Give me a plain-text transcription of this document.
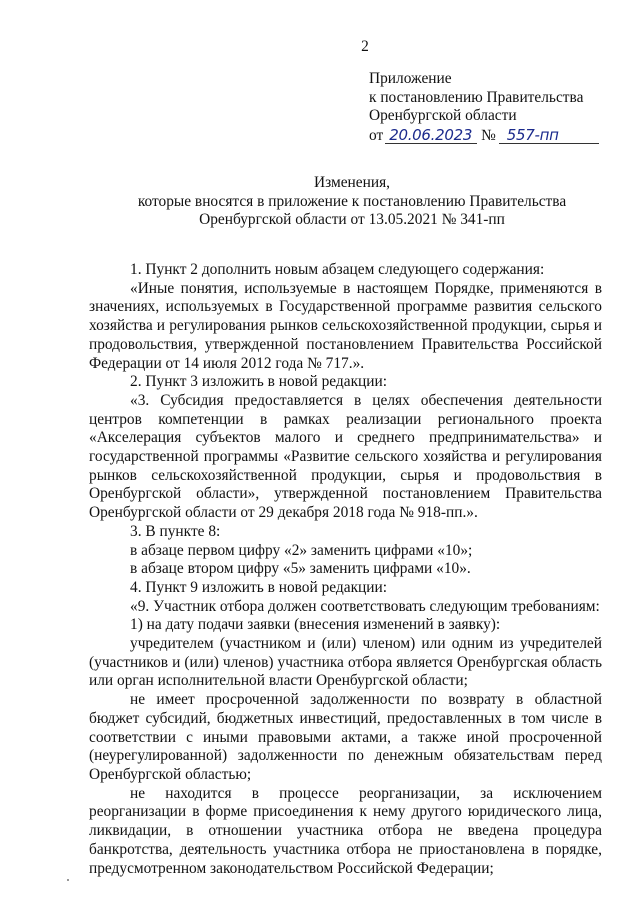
2
Приложение
к постановлению Правительства
Оренбургской области
от 20.06.2023 № 557-пп
Изменения,
которые вносятся в приложение к постановлению Правительства
Оренбургской области от 13.05.2021 № 341-пп
1. Пункт 2 дополнить новым абзацем следующего содержания:
«Иные понятия, используемые в настоящем Порядке, применяются в значениях, используемых в Государственной программе развития сельского хозяйства и регулирования рынков сельскохозяйственной продукции, сырья и продовольствия, утвержденной постановлением Правительства Российской Федерации от 14 июля 2012 года № 717.».
2. Пункт 3 изложить в новой редакции:
«3. Субсидия предоставляется в целях обеспечения деятельности центров компетенции в рамках реализации регионального проекта «Акселерация субъектов малого и среднего предпринимательства» и государственной программы «Развитие сельского хозяйства и регулирования рынков сельскохозяйственной продукции, сырья и продовольствия в Оренбургской области», утвержденной постановлением Правительства Оренбургской области от 29 декабря 2018 года № 918-пп.».
3. В пункте 8:
в абзаце первом цифру «2» заменить цифрами «10»;
в абзаце втором цифру «5» заменить цифрами «10».
4. Пункт 9 изложить в новой редакции:
«9. Участник отбора должен соответствовать следующим требованиям:
1) на дату подачи заявки (внесения изменений в заявку):
учредителем (участником и (или) членом) или одним из учредителей (участников и (или) членов) участника отбора является Оренбургская область или орган исполнительной власти Оренбургской области;
не имеет просроченной задолженности по возврату в областной бюджет субсидий, бюджетных инвестиций, предоставленных в том числе в соответствии с иными правовыми актами, а также иной просроченной (неурегулированной) задолженности по денежным обязательствам перед Оренбургской областью;
не находится в процессе реорганизации, за исключением реорганизации в форме присоединения к нему другого юридического лица, ликвидации, в отношении участника отбора не введена процедура банкротства, деятельность участника отбора не приостановлена в порядке, предусмотренном законодательством Российской Федерации;
